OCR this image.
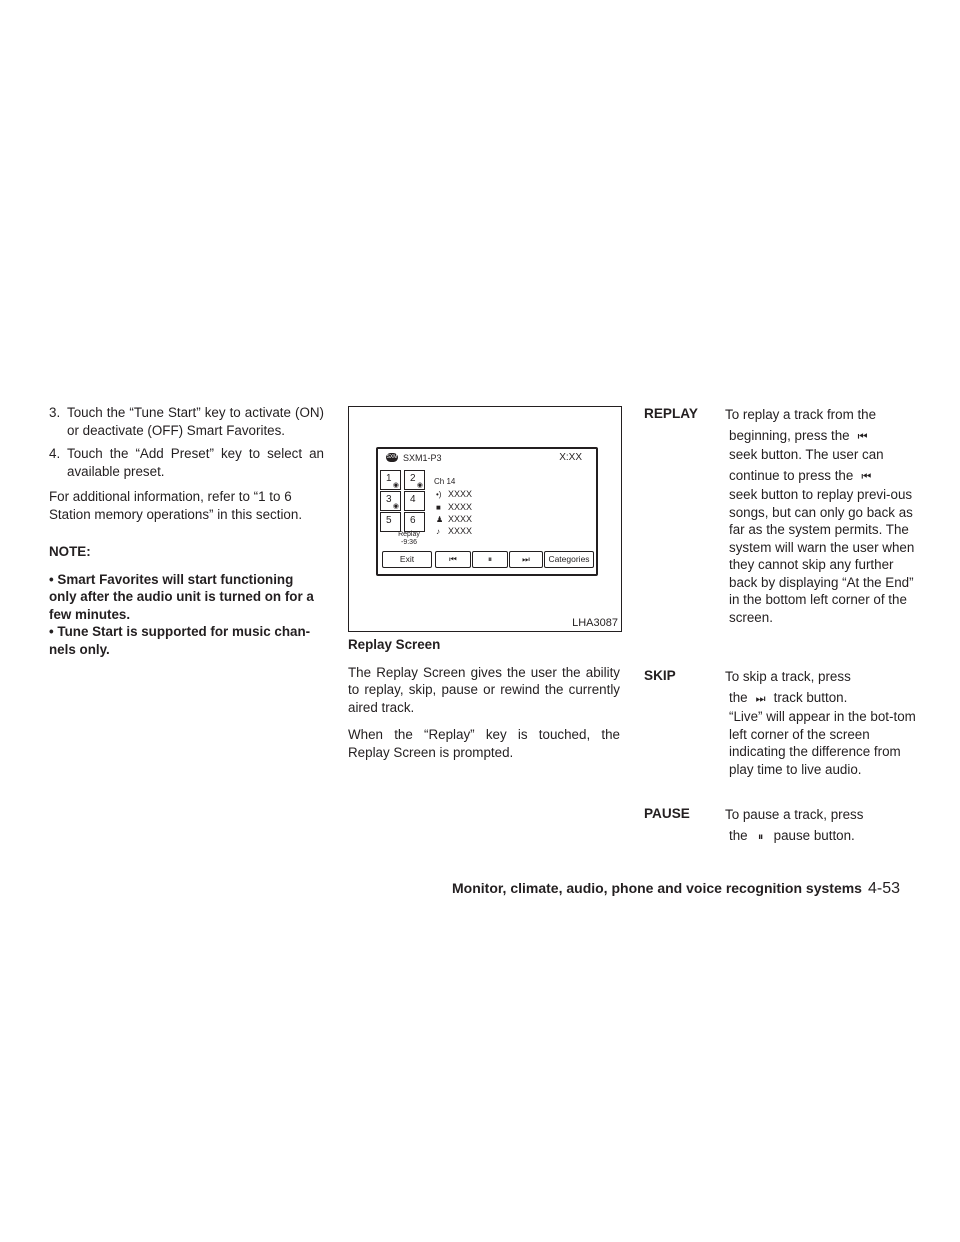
3. Touch the “Tune Start” key to activate (ON) or deactivate (OFF) Smart Favorites.
4. Touch the “Add Preset” key to select an available preset.
For additional information, refer to “1 to 6 Station memory operations” in this section.
NOTE:
• Smart Favorites will start functioning only after the audio unit is turned on for a few minutes.
• Tune Start is supported for music chan-nels only.
SXM SXM1-P3	X:XX
1
◉
2
◉
3
◉
4
5 6
Replay
-9:36
Ch 14
•) XXXX
■ XXXX
♟ XXXX
♪ XXXX
Exit	⏮	⏸	⏭	Categories
LHA3087
Replay Screen
The Replay Screen gives the user the ability to replay, skip, pause or rewind the currently aired track.
When the “Replay” key is touched, the Replay Screen is prompted.
REPLAY To replay a track from the
beginning, press the ⏮
seek button. The user can
continue to press the ⏮
seek button to replay previ-ous songs, but can only go back as far as the system permits. The system will warn the user when they cannot skip any further back by displaying “At the End” in the bottom left corner of the screen.
SKIP	To skip a track, press
the ⏭ track button.
“Live” will appear in the bot-tom left corner of the screen indicating the difference from play time to live audio.
PAUSE	To pause a track, press
the ⏸ pause button.
Monitor, climate, audio, phone and voice recognition systems 4-53
